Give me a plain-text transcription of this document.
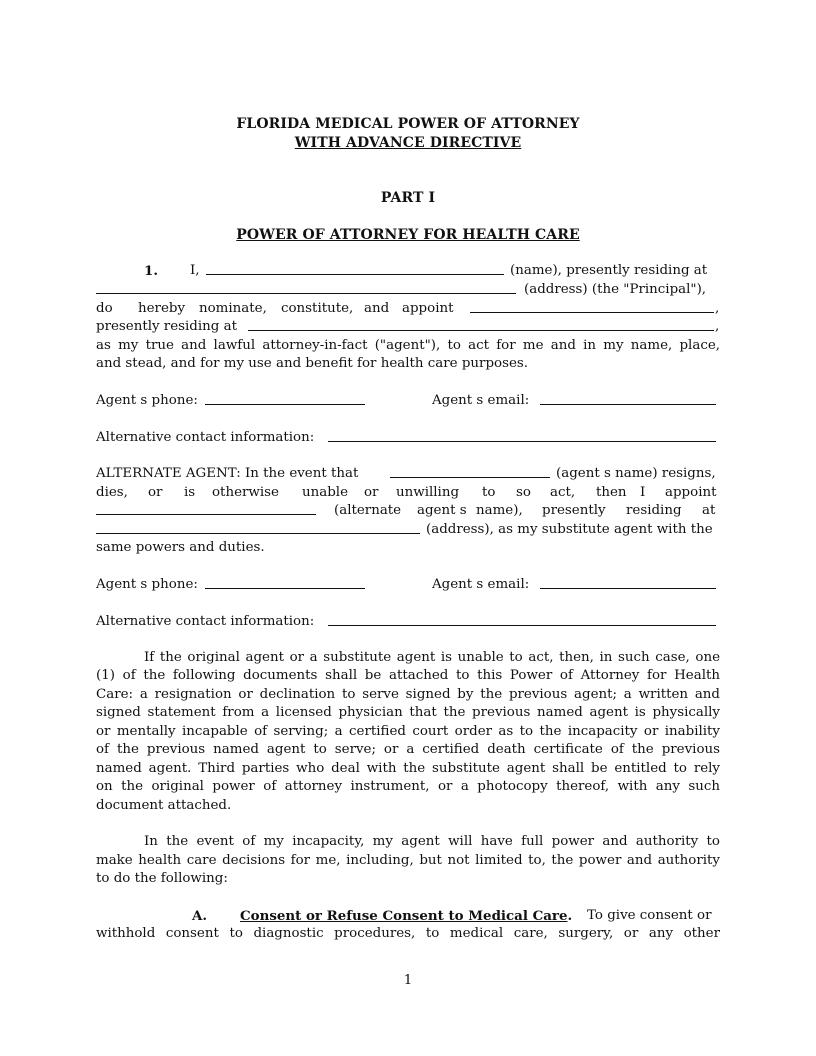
FLORIDA MEDICAL POWER OF ATTORNEY
WITH ADVANCE DIRECTIVE
PART I
POWER OF ATTORNEY FOR HEALTH CARE
1. I,	(name), presently residing at
(address) (the "Principal"),
do hereby nominate, constitute, and appoint	,
presently residing at	,
as my true and lawful attorney-in-fact ("agent"), to act for me and in my name, place,
and stead, and for my use and benefit for health care purposes.
Agent s phone:	Agent s email:
Alternative contact information:
ALTERNATE AGENT: In the event that	(agent s name) resigns,
dies, or is otherwise unable or unwilling to so act, then I appoint
(alternate agent s name), presently residing at
(address), as my substitute agent with the
same powers and duties.
Agent s phone:	Agent s email:
Alternative contact information:
If the original agent or a substitute agent is unable to act, then, in such case, one
(1) of the following documents shall be attached to this Power of Attorney for Health
Care: a resignation or declination to serve signed by the previous agent; a written and
signed statement from a licensed physician that the previous named agent is physically
or mentally incapable of serving; a certified court order as to the incapacity or inability
of the previous named agent to serve; or a certified death certificate of the previous
named agent. Third parties who deal with the substitute agent shall be entitled to rely
on the original power of attorney instrument, or a photocopy thereof, with any such
document attached.
In the event of my incapacity, my agent will have full power and authority to
make health care decisions for me, including, but not limited to, the power and authority
to do the following:
A. Consent or Refuse Consent to Medical Care. To give consent or
withhold consent to diagnostic procedures, to medical care, surgery, or any other
1
